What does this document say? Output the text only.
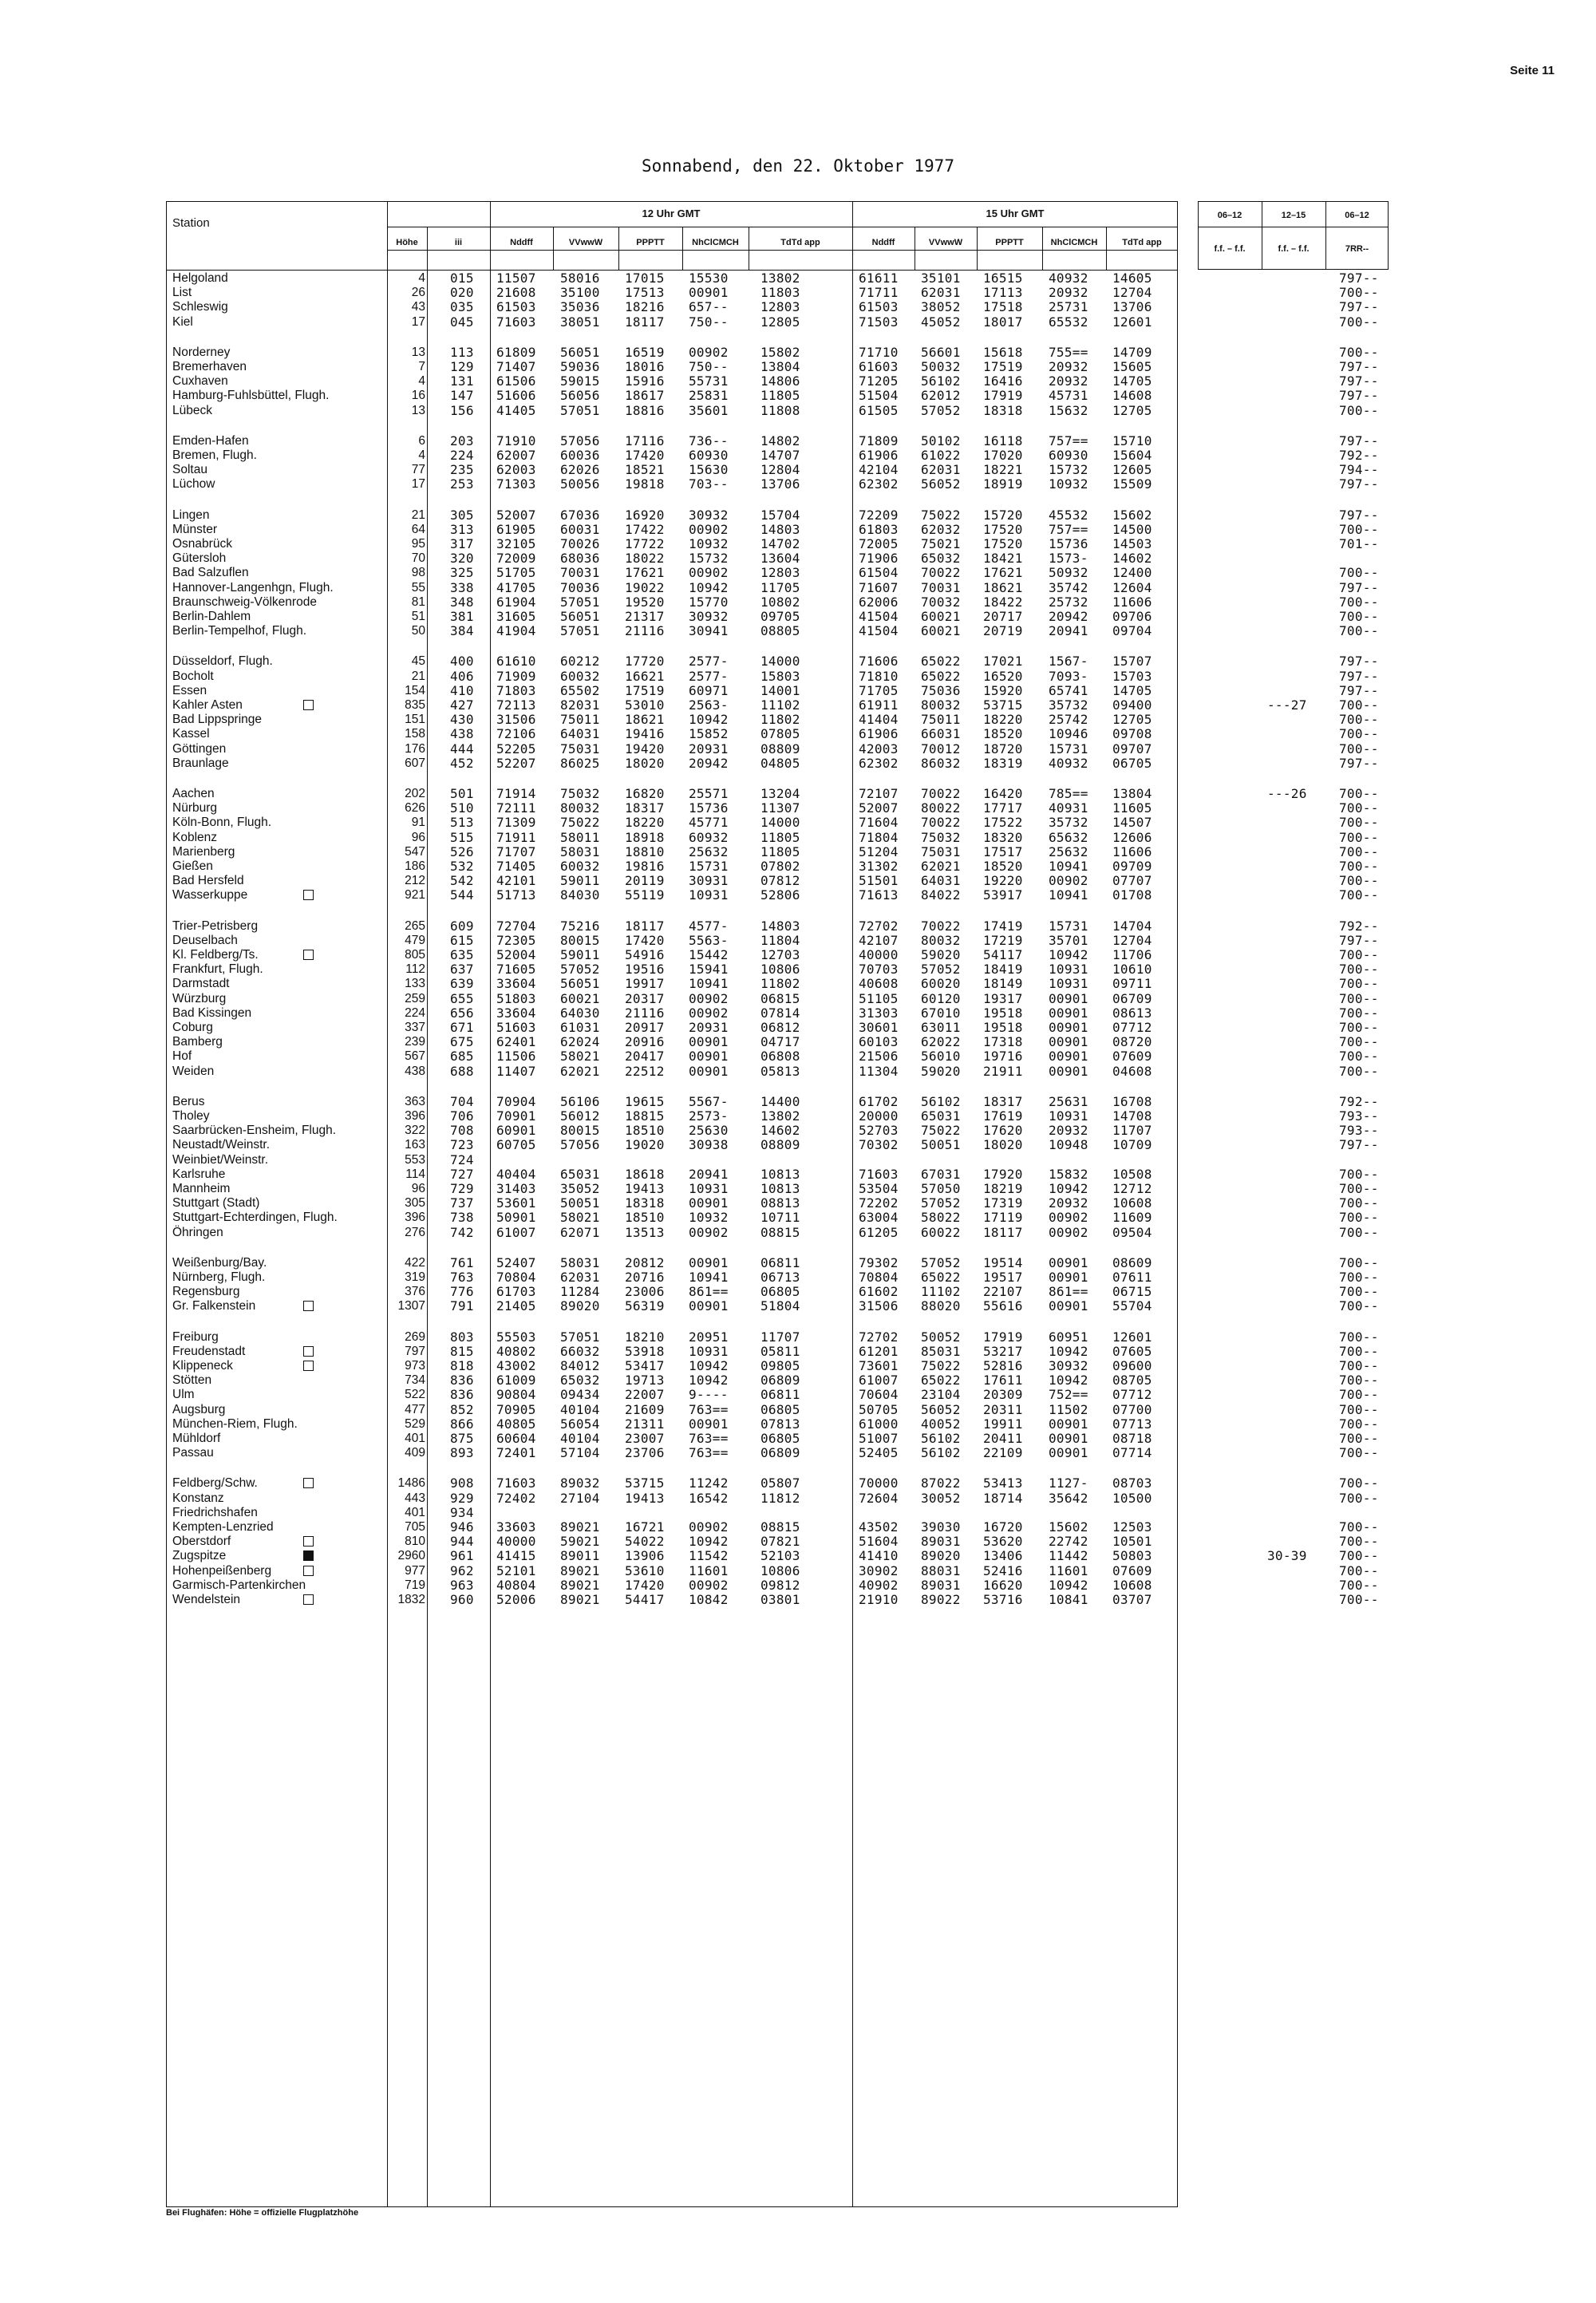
Seite 11
Sonnabend, den 22. Oktober 1977
Station
Höhe	iii
12 Uhr GMT	15 Uhr GMT
Nddff	VVwwW	PPPTT	NhClCMCH	TdTd app	Nddff	VVwwW	PPPTT	NhClCMCH	TdTd app
06–12	12–15	06–12
f.f. – f.f.	f.f. – f.f.	7RR--
Helgoland	4 015 11507 58016 17015 15530	13802	61611 35101 16515 40932 14605	797--
List	26 020 21608 35100 17513 00901	11803	71711 62031 17113 20932 12704	700--
Schleswig	43 035 61503 35036 18216 657--	12803	61503 38052 17518 25731 13706	797--
Kiel	17 045 71603 38051 18117 750--	12805	71503 45052 18017 65532 12601	700--
Norderney	13 113 61809 56051 16519 00902	15802	71710 56601 15618 755== 14709	700--
Bremerhaven	7 129 71407 59036 18016 750--	13804	61603 50032 17519 20932 15605	797--
Cuxhaven	4 131 61506 59015 15916 55731	14806	71205 56102 16416 20932 14705	797--
Hamburg-Fuhlsbüttel, Flugh.	16 147 51606 56056 18617 25831	11805	51504 62012 17919 45731 14608	797--
Lübeck	13 156 41405 57051 18816 35601	11808	61505 57052 18318 15632 12705	700--
Emden-Hafen	6 203 71910 57056 17116 736--	14802	71809 50102 16118 757== 15710	797--
Bremen, Flugh.	4 224 62007 60036 17420 60930	14707	61906 61022 17020 60930 15604	792--
Soltau	77 235 62003 62026 18521 15630	12804	42104 62031 18221 15732 12605	794--
Lüchow	17 253 71303 50056 19818 703--	13706	62302 56052 18919 10932 15509	797--
Lingen	21 305 52007 67036 16920 30932	15704	72209 75022 15720 45532 15602	797--
Münster	64 313 61905 60031 17422 00902	14803	61803 62032 17520 757== 14500	700--
Osnabrück	95 317 32105 70026 17722 10932	14702	72005 75021 17520 15736 14503	701--
Gütersloh	70 320 72009 68036 18022 15732	13604	71906 65032 18421 1573- 14602
Bad Salzuflen	98 325 51705 70031 17621 00902	12803	61504 70022 17621 50932 12400	700--
Hannover-Langenhgn, Flugh.	55 338 41705 70036 19022 10942	11705	71607 70031 18621 35742 12604	797--
Braunschweig-Völkenrode	81 348 61904 57051 19520 15770	10802	62006 70032 18422 25732 11606	700--
Berlin-Dahlem	51 381 31605 56051 21317 30932	09705	41504 60021 20717 20942 09706	700--
Berlin-Tempelhof, Flugh.	50 384 41904 57051 21116 30941	08805	41504 60021 20719 20941 09704	700--
Düsseldorf, Flugh.	45 400 61610 60212 17720 2577-	14000	71606 65022 17021 1567- 15707	797--
Bocholt	21 406 71909 60032 16621 2577-	15803	71810 65022 16520 7093- 15703	797--
Essen	154 410 71803 65502 17519 60971	14001	71705 75036 15920 65741 14705	797--
Kahler Asten	835 427 72113 82031 53010 2563-	11102	61911 80032 53715 35732 09400	---27	700--
Bad Lippspringe	151 430 31506 75011 18621 10942	11802	41404 75011 18220 25742 12705	700--
Kassel	158 438 72106 64031 19416 15852	07805	61906 66031 18520 10946 09708	700--
Göttingen	176 444 52205 75031 19420 20931	08809	42003 70012 18720 15731 09707	700--
Braunlage	607 452 52207 86025 18020 20942	04805	62302 86032 18319 40932 06705	797--
Aachen	202 501 71914 75032 16820 25571	13204	72107 70022 16420 785== 13804	---26	700--
Nürburg	626 510 72111 80032 18317 15736	11307	52007 80022 17717 40931 11605	700--
Köln-Bonn, Flugh.	91 513 71309 75022 18220 45771	14000	71604 70022 17522 35732 14507	700--
Koblenz	96 515 71911 58011 18918 60932	11805	71804 75032 18320 65632 12606	700--
Marienberg	547 526 71707 58031 18810 25632	11805	51204 75031 17517 25632 11606	700--
Gießen	186 532 71405 60032 19816 15731	07802	31302 62021 18520 10941 09709	700--
Bad Hersfeld	212 542 42101 59011 20119 30931	07812	51501 64031 19220 00902 07707	700--
Wasserkuppe	921 544 51713 84030 55119 10931	52806	71613 84022 53917 10941 01708	700--
Trier-Petrisberg	265 609 72704 75216 18117 4577-	14803	72702 70022 17419 15731 14704	792--
Deuselbach	479 615 72305 80015 17420 5563-	11804	42107 80032 17219 35701 12704	797--
Kl. Feldberg/Ts.	805 635 52004 59011 54916 15442	12703	40000 59020 54117 10942 11706	700--
Frankfurt, Flugh.	112 637 71605 57052 19516 15941	10806	70703 57052 18419 10931 10610	700--
Darmstadt	133 639 33604 56051 19917 10941	11802	40608 60020 18149 10931 09711	700--
Würzburg	259 655 51803 60021 20317 00902	06815	51105 60120 19317 00901 06709	700--
Bad Kissingen	224 656 33604 64030 21116 00902	07814	31303 67010 19518 00901 08613	700--
Coburg	337 671 51603 61031 20917 20931	06812	30601 63011 19518 00901 07712	700--
Bamberg	239 675 62401 62024 20916 00901	04717	60103 62022 17318 00901 08720	700--
Hof	567 685 11506 58021 20417 00901	06808	21506 56010 19716 00901 07609	700--
Weiden	438 688 11407 62021 22512 00901	05813	11304 59020 21911 00901 04608	700--
Berus	363 704 70904 56106 19615 5567-	14400	61702 56102 18317 25631 16708	792--
Tholey	396 706 70901 56012 18815 2573-	13802	20000 65031 17619 10931 14708	793--
Saarbrücken-Ensheim, Flugh.	322 708 60901 80015 18510 25630	14602	52703 75022 17620 20932 11707	793--
Neustadt/Weinstr.	163 723 60705 57056 19020 30938	08809	70302 50051 18020 10948 10709	797--
Weinbiet/Weinstr.	553 724
Karlsruhe	114 727 40404 65031 18618 20941	10813	71603 67031 17920 15832 10508	700--
Mannheim	96 729 31403 35052 19413 10931	10813	53504 57050 18219 10942 12712	700--
Stuttgart (Stadt)	305 737 53601 50051 18318 00901	08813	72202 57052 17319 20932 10608	700--
Stuttgart-Echterdingen, Flugh.	396 738 50901 58021 18510 10932	10711	63004 58022 17119 00902 11609	700--
Öhringen	276 742 61007 62071 13513 00902	08815	61205 60022 18117 00902 09504	700--
Weißenburg/Bay.	422 761 52407 58031 20812 00901	06811	79302 57052 19514 00901 08609	700--
Nürnberg, Flugh.	319 763 70804 62031 20716 10941	06713	70804 65022 19517 00901 07611	700--
Regensburg	376 776 61703 11284 23006 861==	06805	61602 11102 22107 861== 06715	700--
Gr. Falkenstein	1307 791 21405 89020 56319 00901	51804	31506 88020 55616 00901 55704	700--
Freiburg	269 803 55503 57051 18210 20951	11707	72702 50052 17919 60951 12601	700--
Freudenstadt	797 815 40802 66032 53918 10931	05811	61201 85031 53217 10942 07605	700--
Klippeneck	973 818 43002 84012 53417 10942	09805	73601 75022 52816 30932 09600	700--
Stötten	734 836 61009 65032 19713 10942	06809	61007 65022 17611 10942 08705	700--
Ulm	522 836 90804 09434 22007 9----	06811	70604 23104 20309 752== 07712	700--
Augsburg	477 852 70905 40104 21609 763==	06805	50705 56052 20311 11502 07700	700--
München-Riem, Flugh.	529 866 40805 56054 21311 00901	07813	61000 40052 19911 00901 07713	700--
Mühldorf	401 875 60604 40104 23007 763==	06805	51007 56102 20411 00901 08718	700--
Passau	409 893 72401 57104 23706 763==	06809	52405 56102 22109 00901 07714	700--
Feldberg/Schw.	1486 908 71603 89032 53715 11242	05807	70000 87022 53413 1127- 08703	700--
Konstanz	443 929 72402 27104 19413 16542	11812	72604 30052 18714 35642 10500	700--
Friedrichshafen	401 934
Kempten-Lenzried	705 946 33603 89021 16721 00902	08815	43502 39030 16720 15602 12503	700--
Oberstdorf	810 944 40000 59021 54022 10942	07821	51604 89031 53620 22742 10501	700--
Zugspitze	2960 961 41415 89011 13906 11542	52103	41410 89020 13406 11442 50803	30-39	700--
Hohenpeißenberg	977 962 52101 89021 53610 11601	10806	30902 88031 52416 11601 07609	700--
Garmisch-Partenkirchen	719 963 40804 89021 17420 00902	09812	40902 89031 16620 10942 10608	700--
Wendelstein	1832 960 52006 89021 54417 10842	03801	21910 89022 53716 10841 03707	700--
Bei Flughäfen: Höhe = offizielle Flugplatzhöhe
